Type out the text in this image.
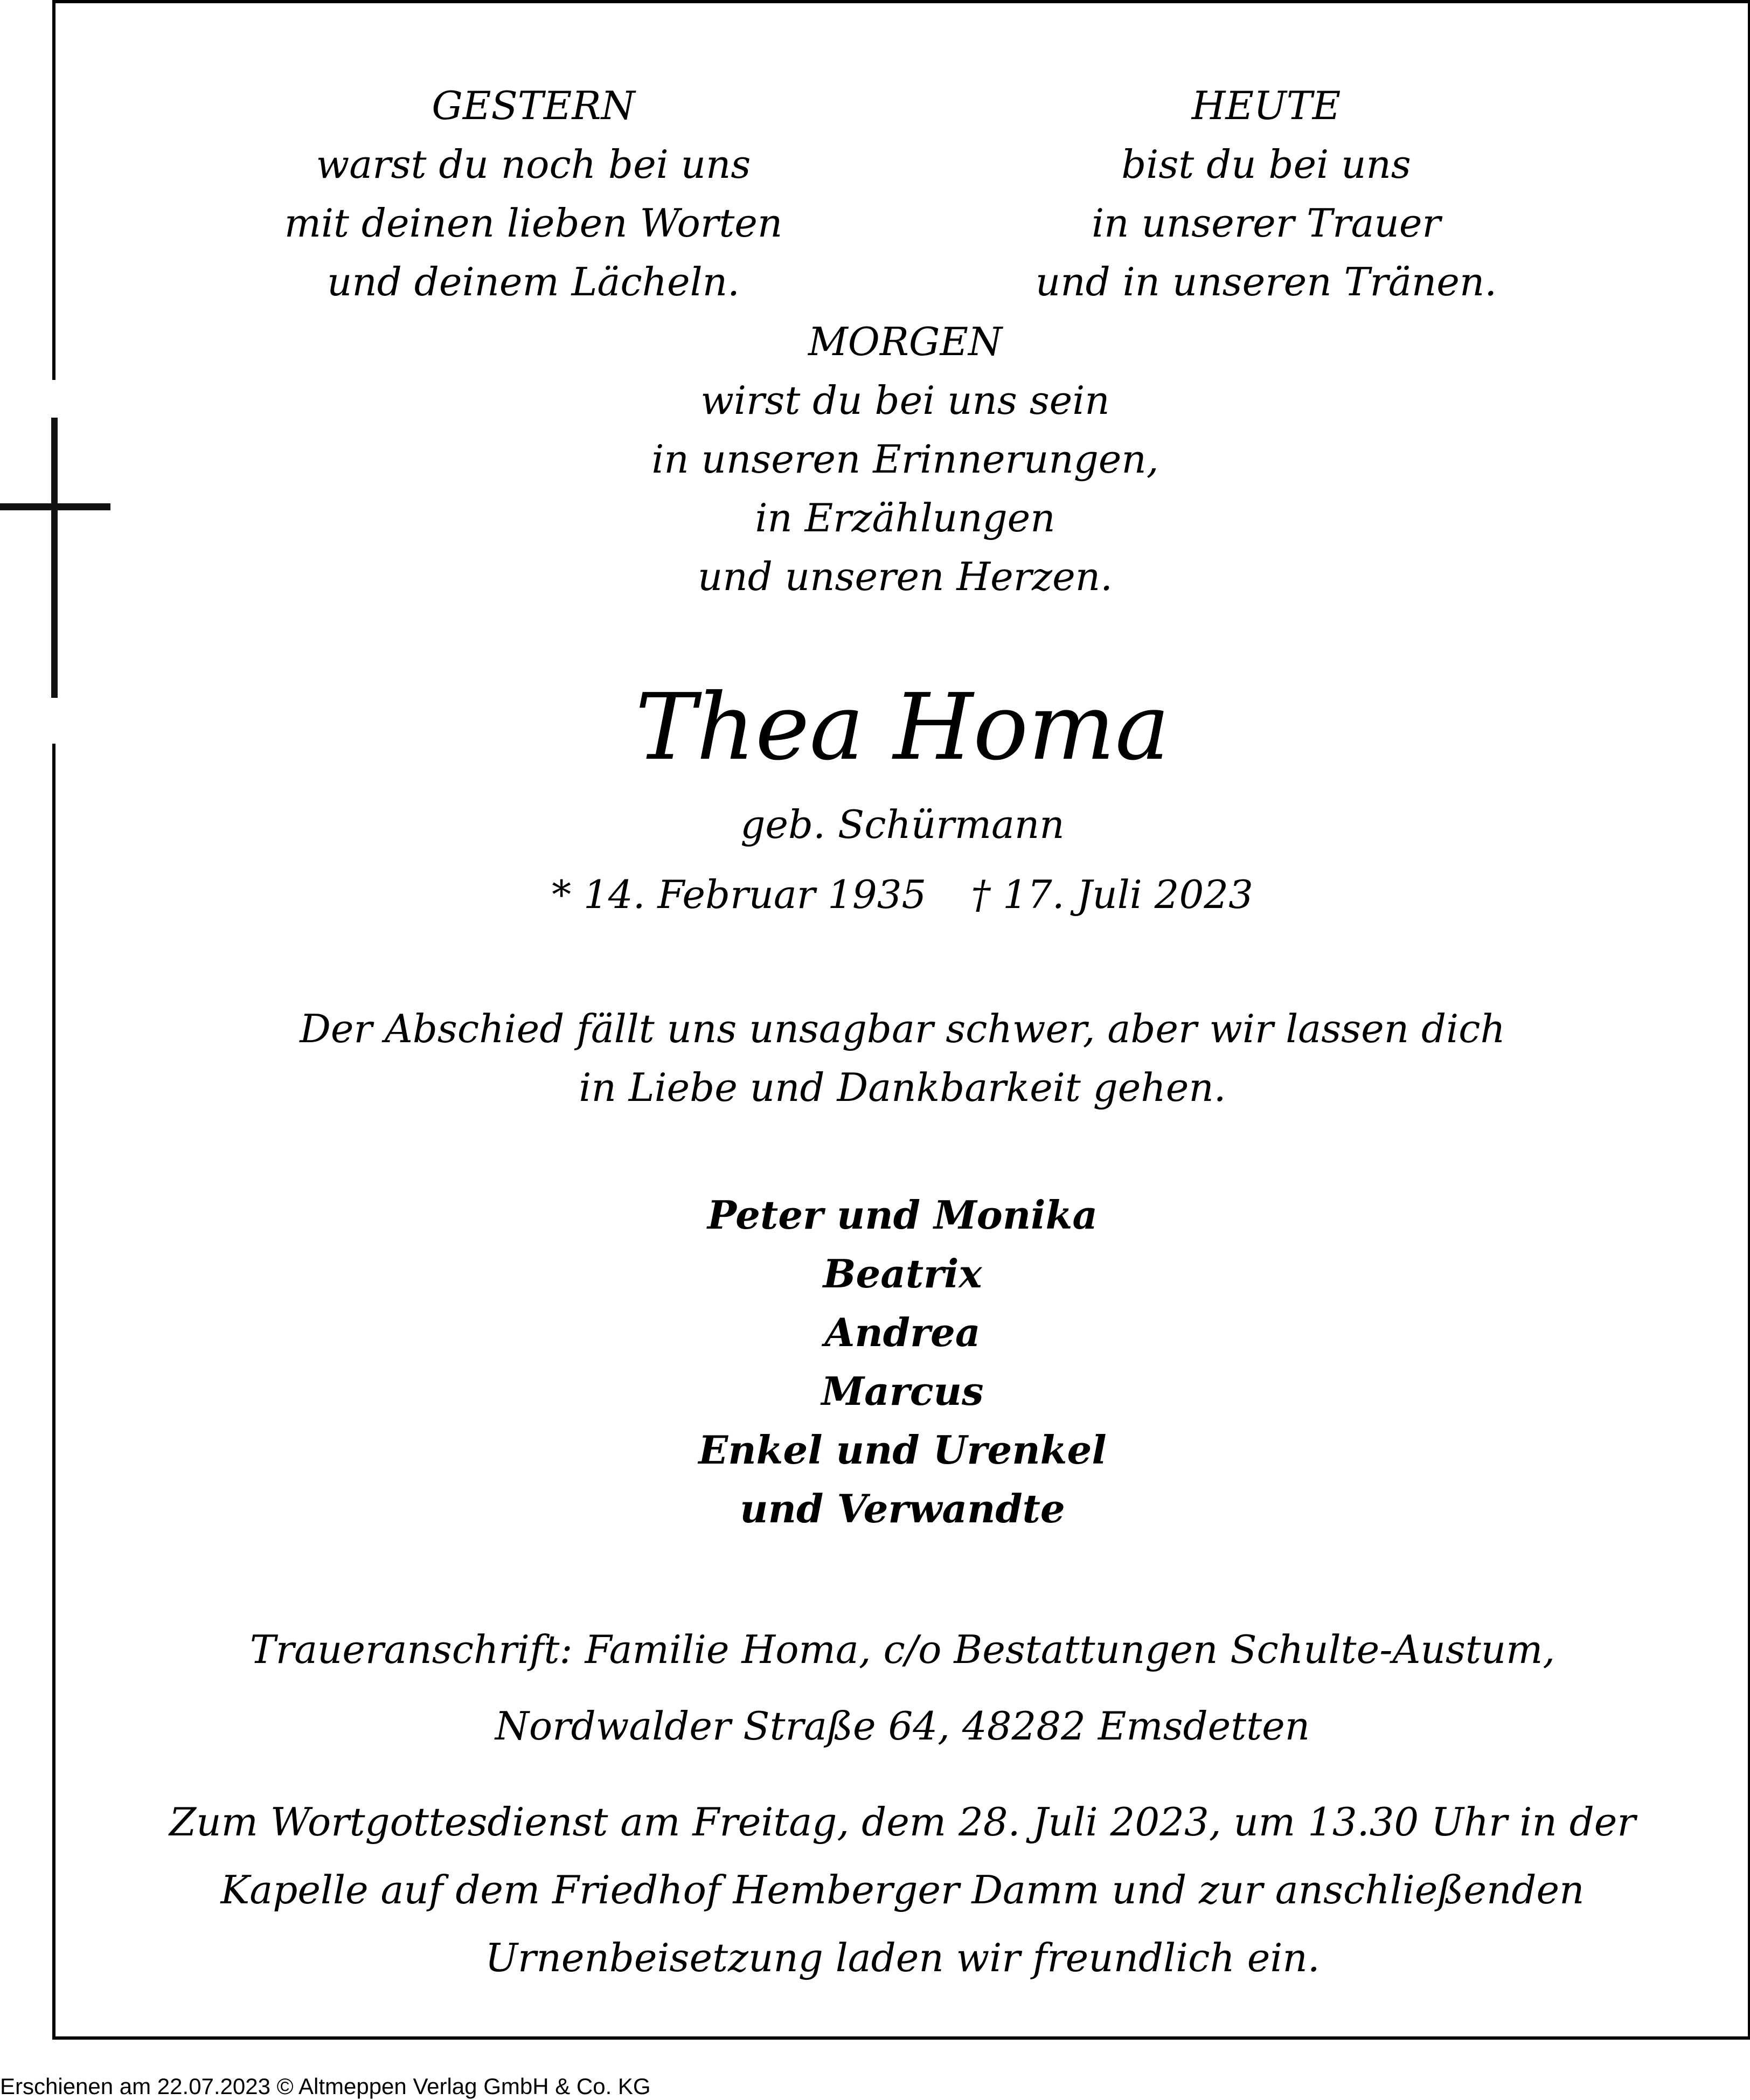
GESTERN
warst du noch bei uns
mit deinen lieben Worten
und deinem Lächeln.
HEUTE
bist du bei uns
in unserer Trauer
und in unseren Tränen.
MORGEN
wirst du bei uns sein
in unseren Erinnerungen,
in Erzählungen
und unseren Herzen.
Thea Homa
geb. Schürmann
* 14. Februar 1935 † 17. Juli 2023
Der Abschied fällt uns unsagbar schwer, aber wir lassen dich
in Liebe und Dankbarkeit gehen.
Peter und Monika
Beatrix
Andrea
Marcus
Enkel und Urenkel
und Verwandte
Traueranschrift: Familie Homa, c/o Bestattungen Schulte-Austum,
Nordwalder Straße 64, 48282 Emsdetten
Zum Wortgottesdienst am Freitag, dem 28. Juli 2023, um 13.30 Uhr in der
Kapelle auf dem Friedhof Hemberger Damm und zur anschließenden
Urnenbeisetzung laden wir freundlich ein.
Erschienen am 22.07.2023 © Altmeppen Verlag GmbH & Co. KG
